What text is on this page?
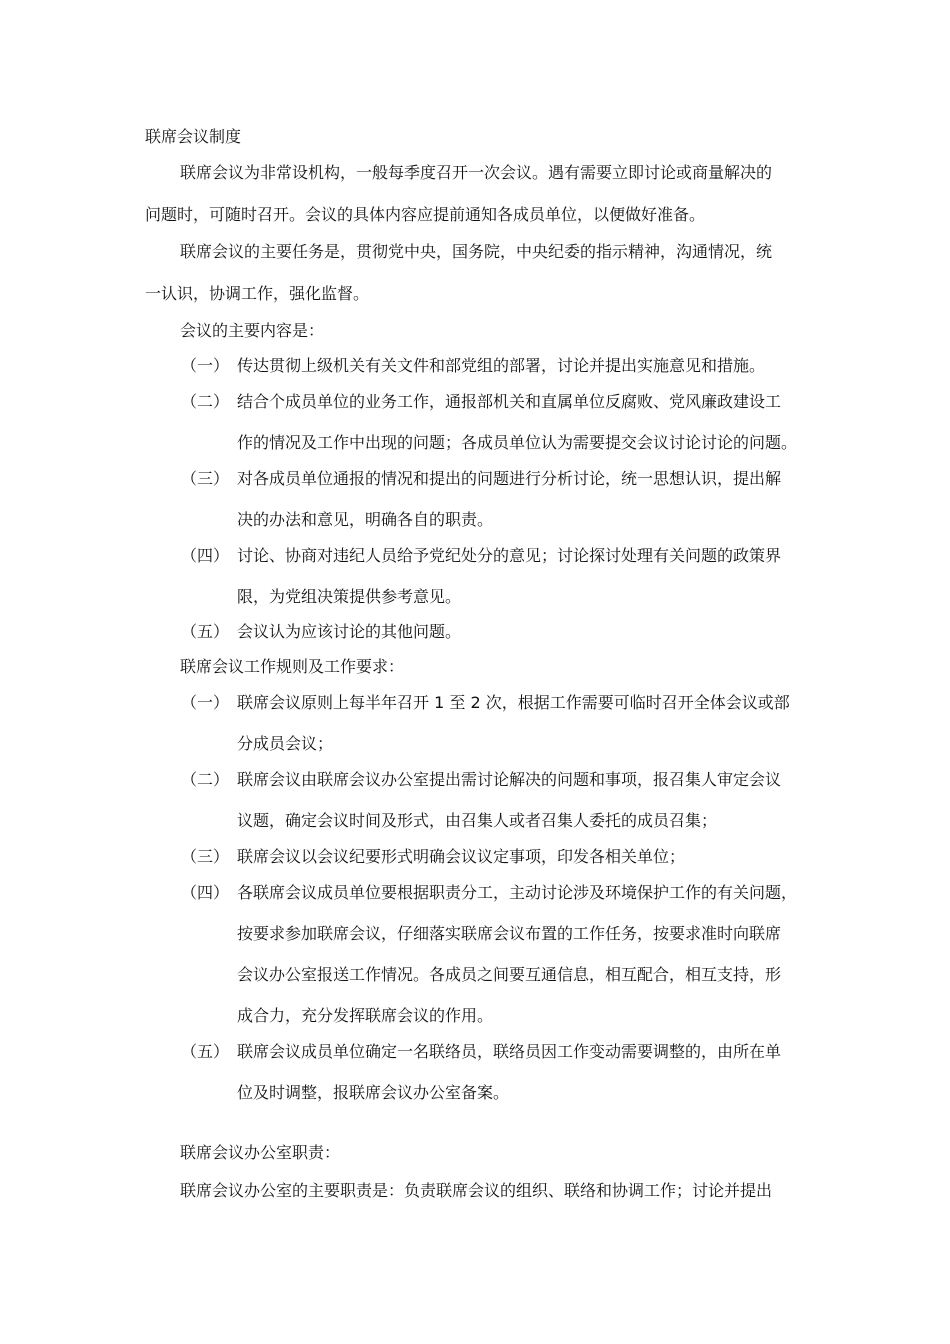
联席会议制度
联席会议为非常设机构，一般每季度召开一次会议。遇有需要立即讨论或商量解决的
问题时，可随时召开。会议的具体内容应提前通知各成员单位，以便做好准备。
联席会议的主要任务是，贯彻党中央，国务院，中央纪委的指示精神，沟通情况，统
一认识，协调工作，强化监督。
会议的主要内容是：
（一） 传达贯彻上级机关有关文件和部党组的部署，讨论并提出实施意见和措施。
（二） 结合个成员单位的业务工作，通报部机关和直属单位反腐败、党风廉政建设工
作的情况及工作中出现的问题；各成员单位认为需要提交会议讨论讨论的问题。
（三） 对各成员单位通报的情况和提出的问题进行分析讨论，统一思想认识，提出解
决的办法和意见，明确各自的职责。
（四） 讨论、协商对违纪人员给予党纪处分的意见；讨论探讨处理有关问题的政策界
限，为党组决策提供参考意见。
（五） 会议认为应该讨论的其他问题。
联席会议工作规则及工作要求：
（一） 联席会议原则上每半年召开 1 至 2 次，根据工作需要可临时召开全体会议或部
分成员会议；
（二） 联席会议由联席会议办公室提出需讨论解决的问题和事项，报召集人审定会议
议题，确定会议时间及形式，由召集人或者召集人委托的成员召集；
（三） 联席会议以会议纪要形式明确会议议定事项，印发各相关单位；
（四） 各联席会议成员单位要根据职责分工，主动讨论涉及环境保护工作的有关问题，
按要求参加联席会议，仔细落实联席会议布置的工作任务，按要求准时向联席
会议办公室报送工作情况。各成员之间要互通信息，相互配合，相互支持，形
成合力，充分发挥联席会议的作用。
（五） 联席会议成员单位确定一名联络员，联络员因工作变动需要调整的，由所在单
位及时调整，报联席会议办公室备案。
联席会议办公室职责：
联席会议办公室的主要职责是：负责联席会议的组织、联络和协调工作；讨论并提出
